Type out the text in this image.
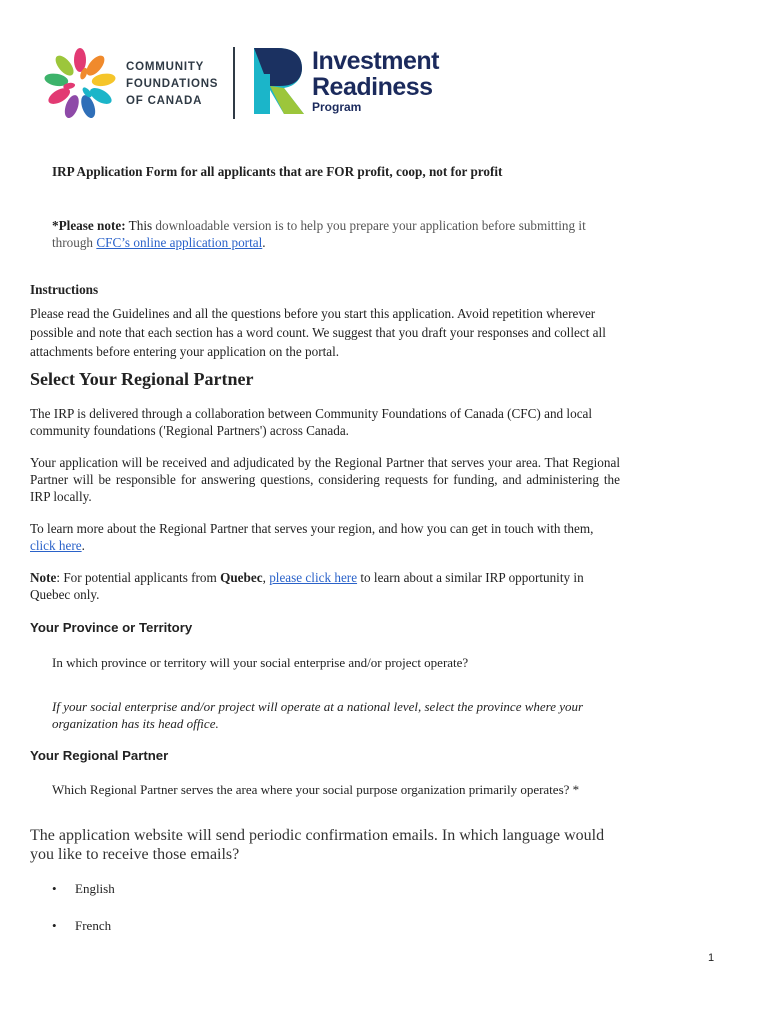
COMMUNITY
FOUNDATIONS
OF CANADA
Investment
Readiness
Program
IRP Application Form for all applicants that are FOR profit, coop, not for profit
*Please note: This downloadable version is to help you prepare your application before submitting it through CFC’s online application portal.
Instructions
Please read the Guidelines and all the questions before you start this application. Avoid repetition wherever possible and note that each section has a word count. We suggest that you draft your responses and collect all attachments before entering your application on the portal.
Select Your Regional Partner
The IRP is delivered through a collaboration between Community Foundations of Canada (CFC) and local community foundations ('Regional Partners') across Canada.
Your application will be received and adjudicated by the Regional Partner that serves your area. That Regional Partner will be responsible for answering questions, considering requests for funding, and administering the IRP locally.
To learn more about the Regional Partner that serves your region, and how you can get in touch with them, click here.
Note: For potential applicants from Quebec, please click here to learn about a similar IRP opportunity in Quebec only.
Your Province or Territory
In which province or territory will your social enterprise and/or project operate?
If your social enterprise and/or project will operate at a national level, select the province where your organization has its head office.
Your Regional Partner
Which Regional Partner serves the area where your social purpose organization primarily operates? *
The application website will send periodic confirmation emails. In which language would you like to receive those emails?
• English
• French
1
